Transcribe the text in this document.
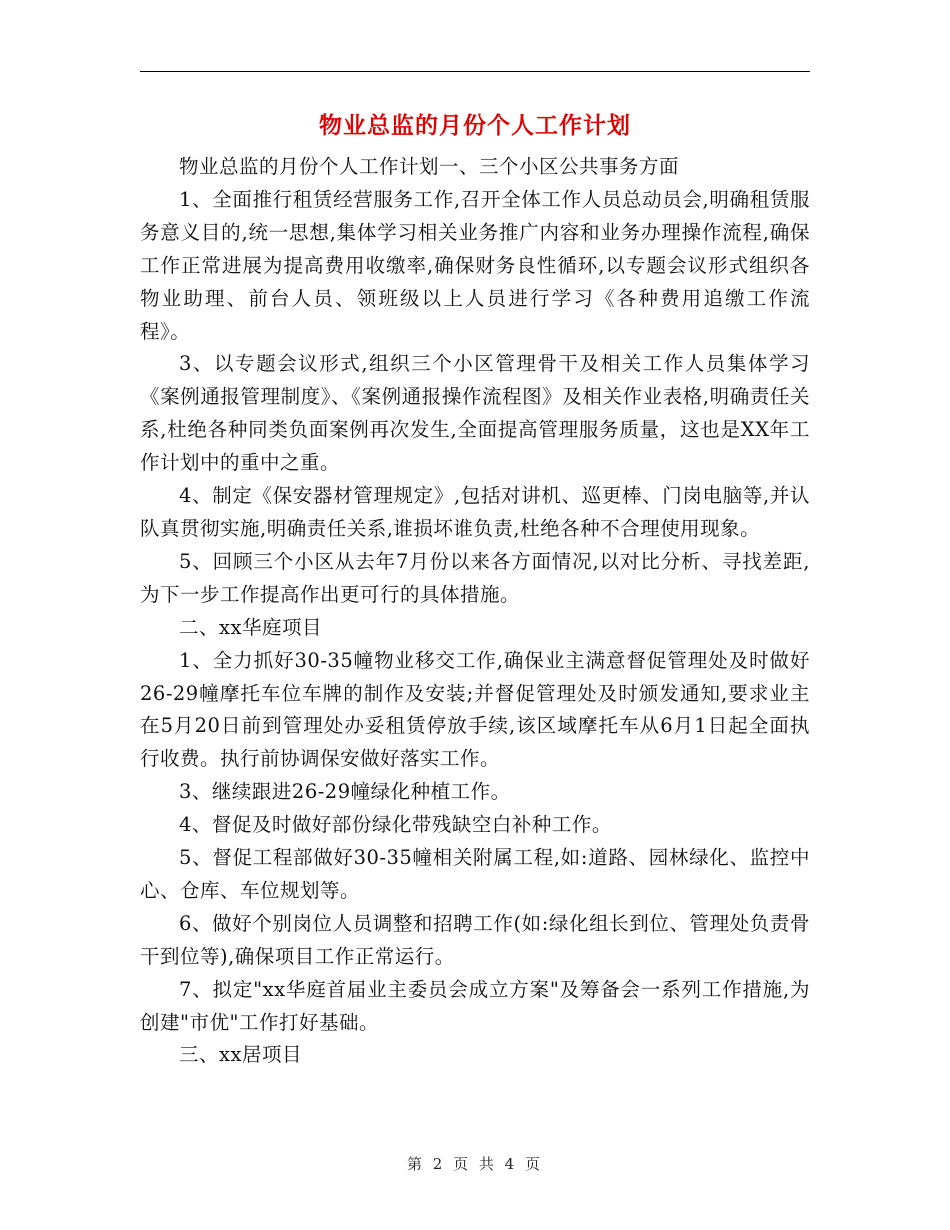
物业总监的月份个人工作计划

物业总监的月份个人工作计划一、三个小区公共事务方面

1、全面推行租赁经营服务工作,召开全体工作人员总动员会,明确租赁服务意义目的,统一思想,集体学习相关业务推广内容和业务办理操作流程,确保工作正常进展为提高费用收缴率,确保财务良性循环,以专题会议形式组织各物业助理、前台人员、领班级以上人员进行学习《各种费用追缴工作流程》。

3、以专题会议形式,组织三个小区管理骨干及相关工作人员集体学习《案例通报管理制度》、《案例通报操作流程图》及相关作业表格,明确责任关系,杜绝各种同类负面案例再次发生,全面提高管理服务质量，这也是XX年工作计划中的重中之重。

4、制定《保安器材管理规定》,包括对讲机、巡更棒、门岗电脑等,并认队真贯彻实施,明确责任关系,谁损坏谁负责,杜绝各种不合理使用现象。

5、回顾三个小区从去年7月份以来各方面情况,以对比分析、寻找差距,为下一步工作提高作出更可行的具体措施。

二、xx华庭项目

1、全力抓好30-35幢物业移交工作,确保业主满意督促管理处及时做好26-29幢摩托车位车牌的制作及安装;并督促管理处及时颁发通知,要求业主在5月20日前到管理处办妥租赁停放手续,该区域摩托车从6月1日起全面执行收费。执行前协调保安做好落实工作。

3、继续跟进26-29幢绿化种植工作。

4、督促及时做好部份绿化带残缺空白补种工作。

5、督促工程部做好30-35幢相关附属工程,如:道路、园林绿化、监控中心、仓库、车位规划等。

6、做好个别岗位人员调整和招聘工作(如:绿化组长到位、管理处负责骨干到位等),确保项目工作正常运行。

7、拟定"xx华庭首届业主委员会成立方案"及筹备会一系列工作措施,为创建"市优"工作打好基础。

三、xx居项目

第 2 页 共 4 页
